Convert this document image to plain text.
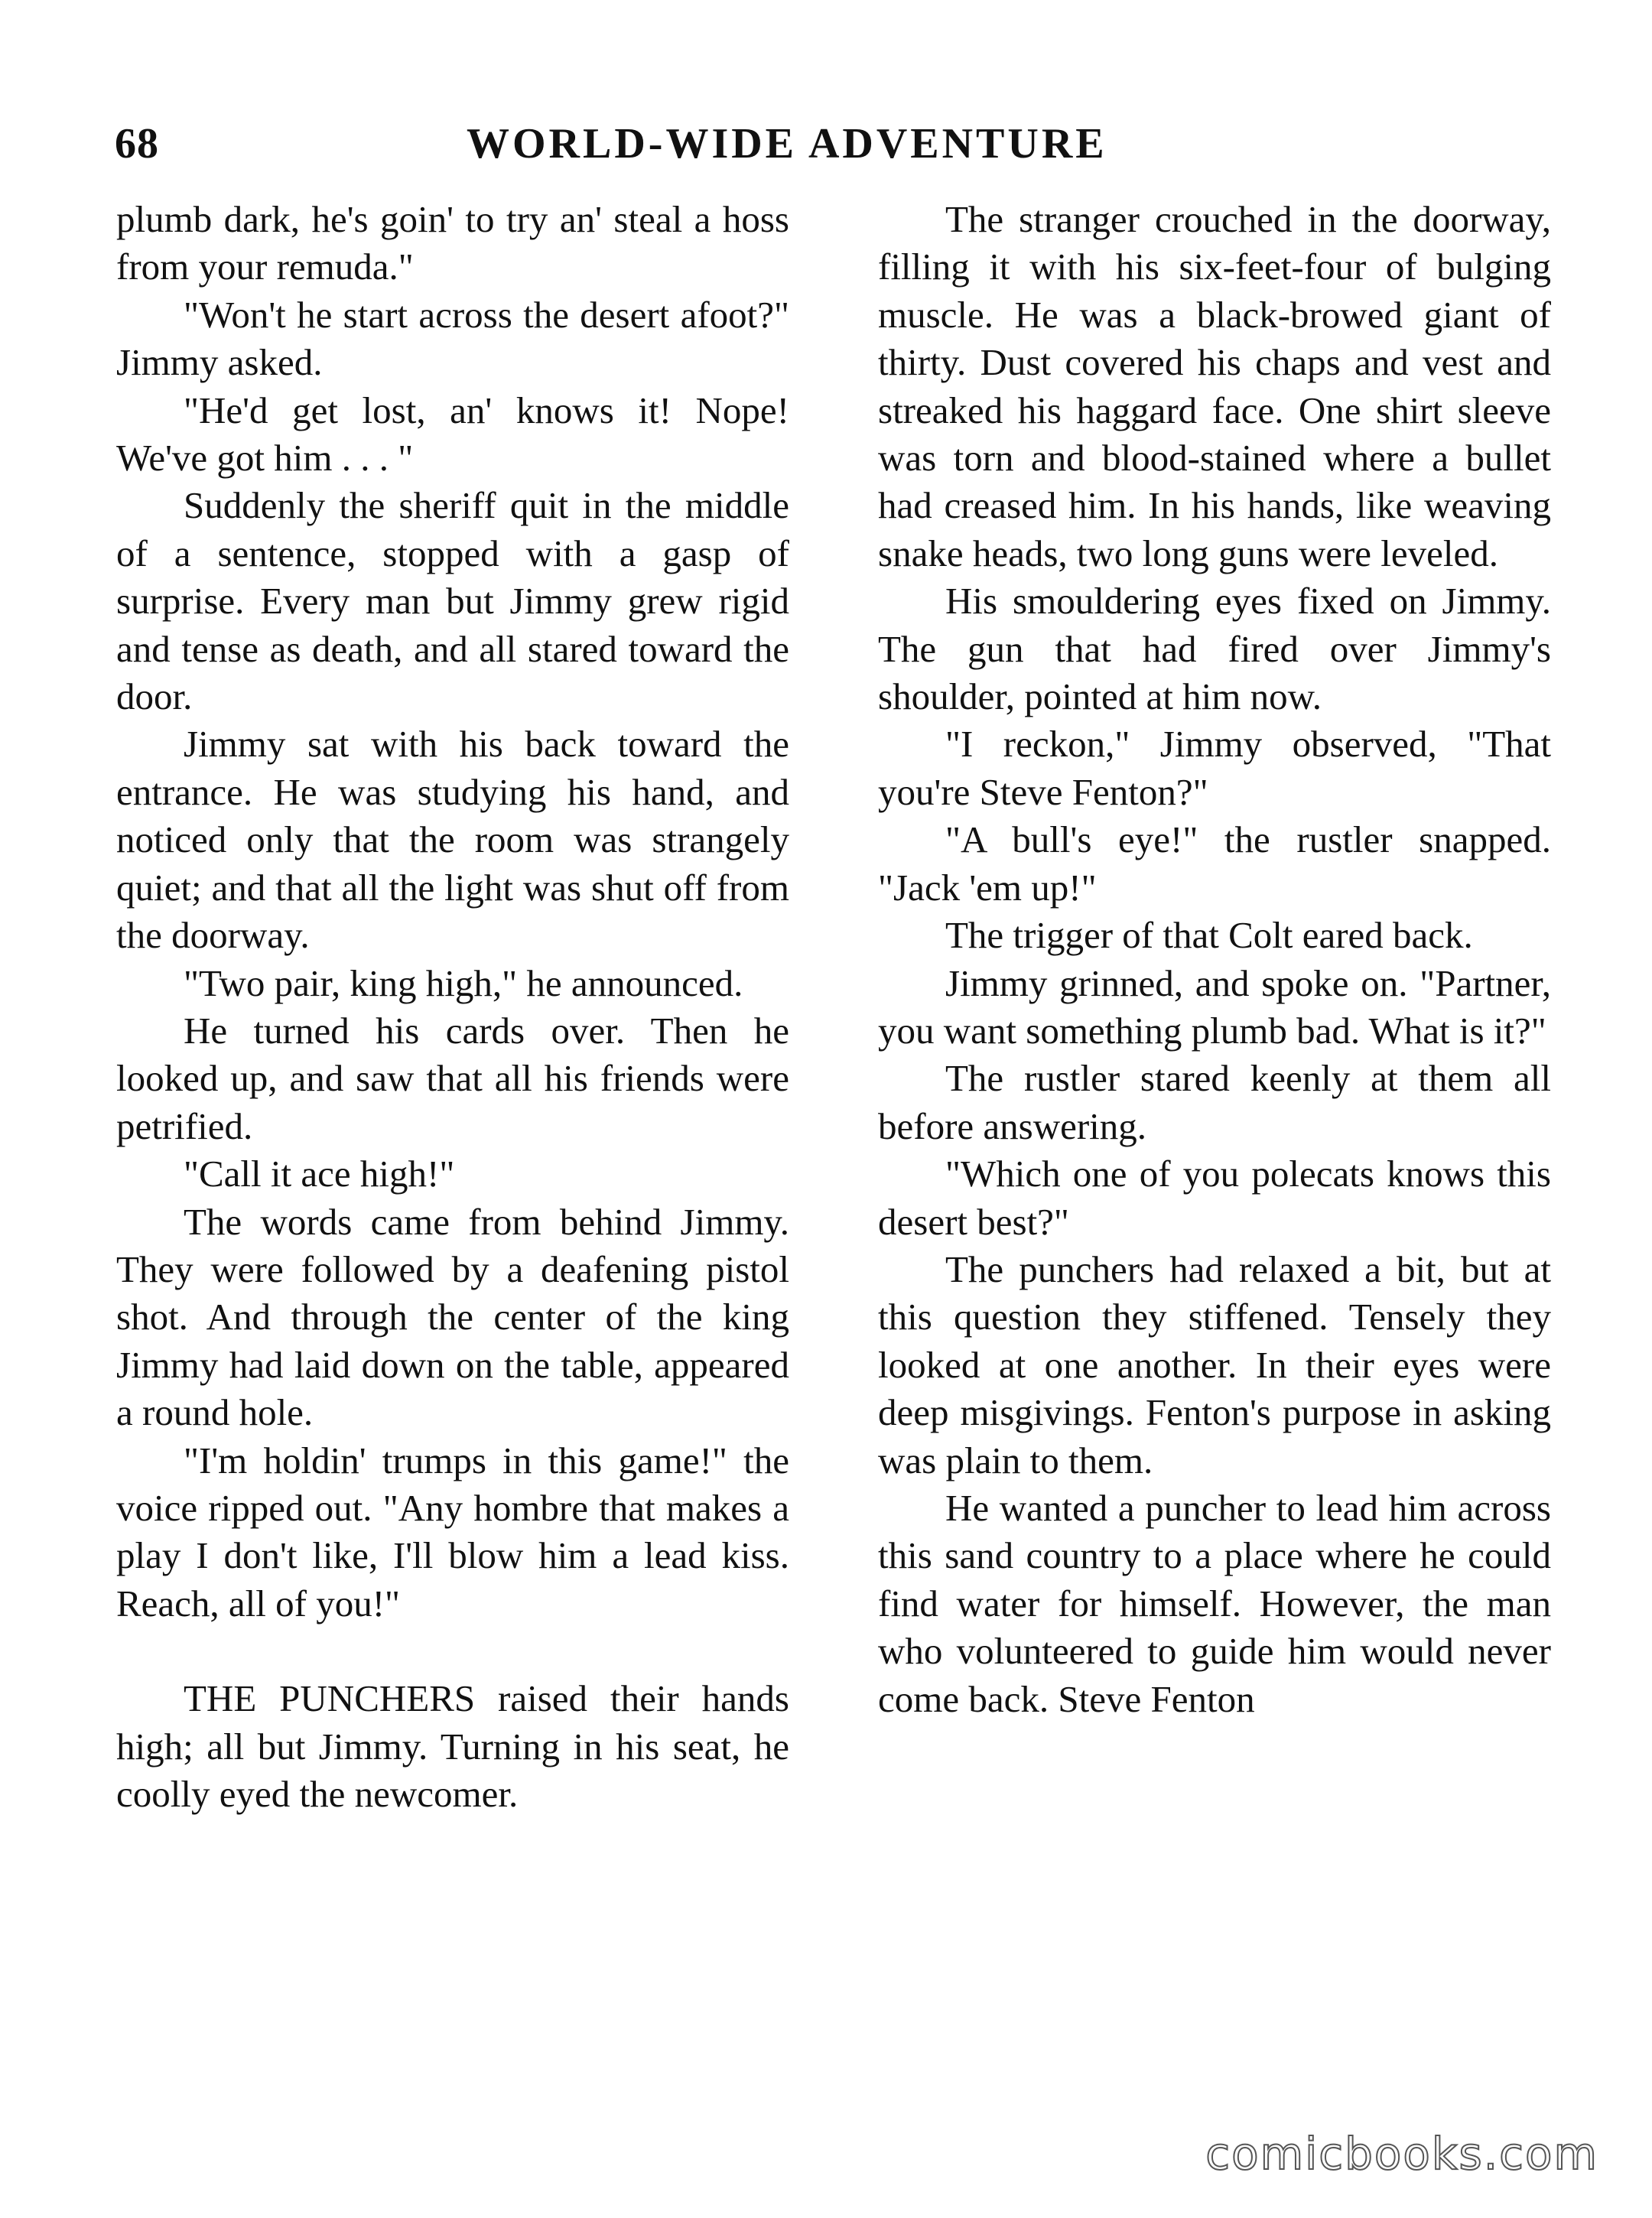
68	WORLD-WIDE ADVENTURE

plumb dark, he's goin' to try an' steal a hoss from your remuda."

"Won't he start across the desert afoot?" Jimmy asked.

"He'd get lost, an' knows it! Nope! We've got him . . . "

Suddenly the sheriff quit in the middle of a sentence, stopped with a gasp of surprise. Every man but Jimmy grew rigid and tense as death, and all stared toward the door.

Jimmy sat with his back toward the entrance. He was studying his hand, and noticed only that the room was strangely quiet; and that all the light was shut off from the doorway.

"Two pair, king high," he announced.

He turned his cards over. Then he looked up, and saw that all his friends were petrified.

"Call it ace high!"

The words came from behind Jimmy. They were followed by a deafening pistol shot. And through the center of the king Jimmy had laid down on the table, appeared a round hole.

"I'm holdin' trumps in this game!" the voice ripped out. "Any hombre that makes a play I don't like, I'll blow him a lead kiss. Reach, all of you!"

THE PUNCHERS raised their hands high; all but Jimmy. Turning in his seat, he coolly eyed the newcomer.

The stranger crouched in the doorway, filling it with his six-feet-four of bulging muscle. He was a black-browed giant of thirty. Dust covered his chaps and vest and streaked his haggard face. One shirt sleeve was torn and blood-stained where a bullet had creased him. In his hands, like weaving snake heads, two long guns were leveled.

His smouldering eyes fixed on Jimmy. The gun that had fired over Jimmy's shoulder, pointed at him now.

"I reckon," Jimmy observed, "That you're Steve Fenton?"

"A bull's eye!" the rustler snapped. "Jack 'em up!"

The trigger of that Colt eared back.

Jimmy grinned, and spoke on. "Partner, you want something plumb bad. What is it?"

The rustler stared keenly at them all before answering.

"Which one of you polecats knows this desert best?"

The punchers had relaxed a bit, but at this question they stiffened. Tensely they looked at one another. In their eyes were deep misgivings. Fenton's purpose in asking was plain to them.

He wanted a puncher to lead him across this sand country to a place where he could find water for himself. However, the man who volunteered to guide him would never come back. Steve Fenton

comicbooks.com
